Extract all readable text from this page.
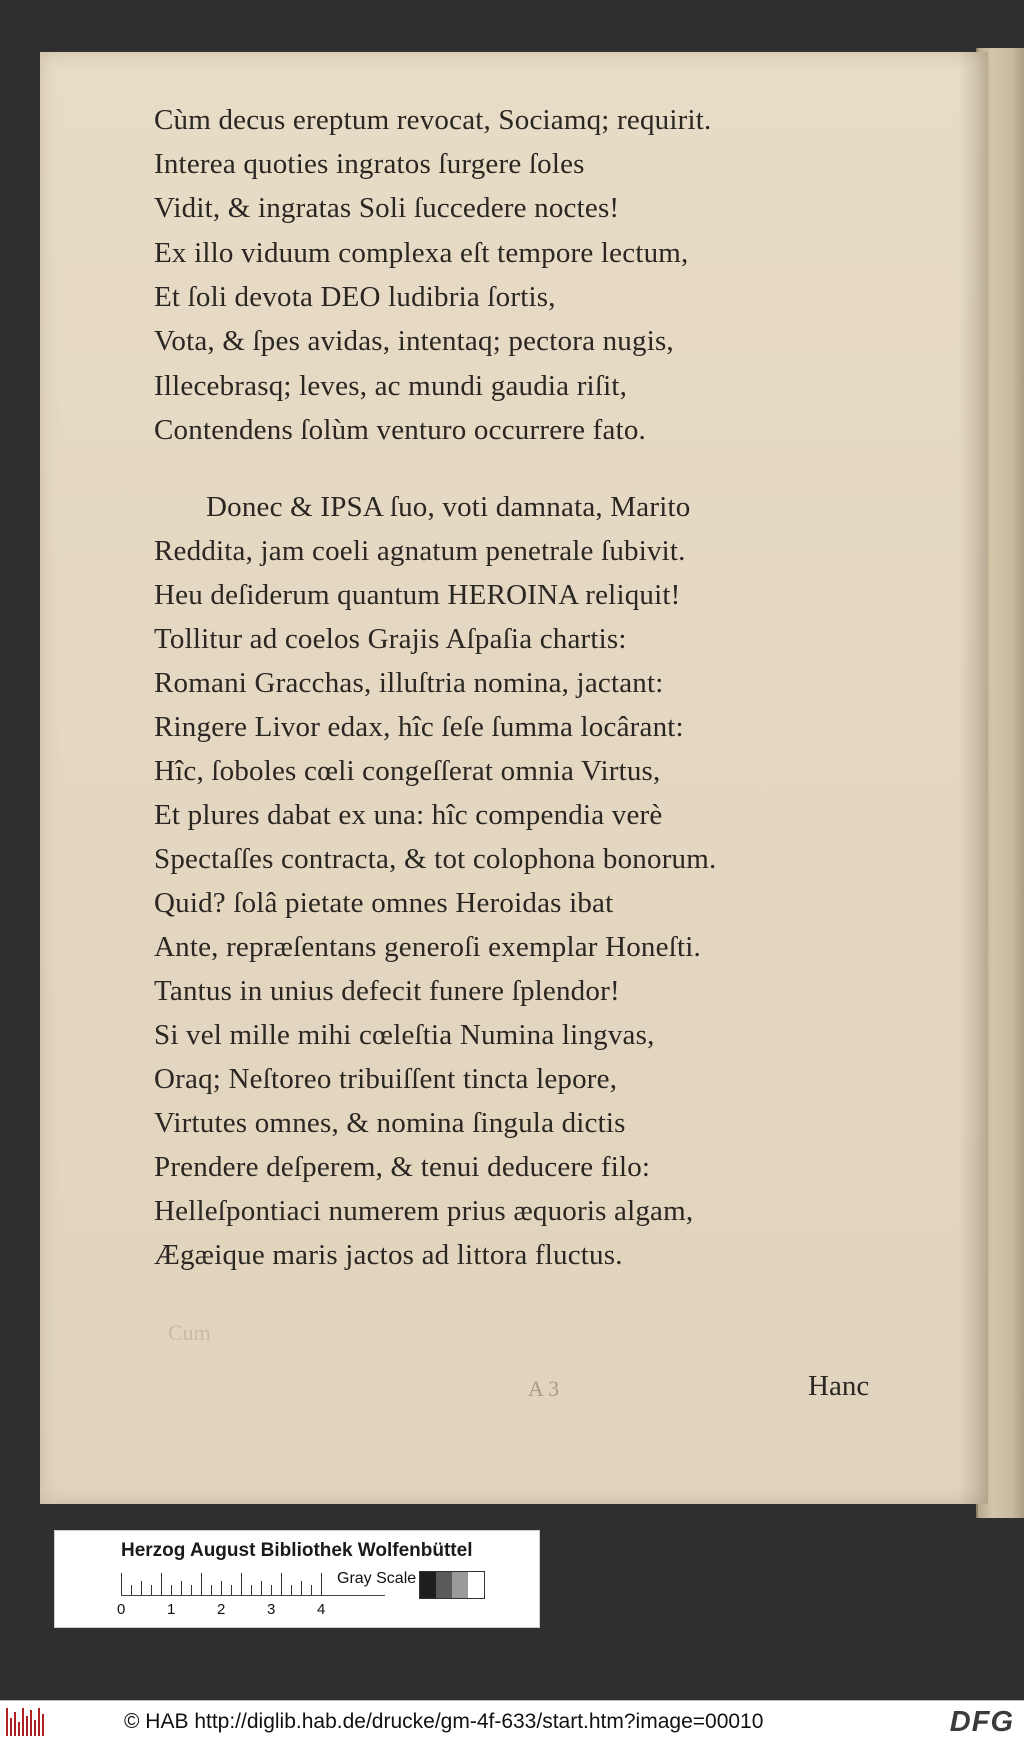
Cum
A 3	Hanc
Cùm decus ereptum revocat, Sociamq; requirit.
Interea quoties ingratos ſurgere ſoles
Vidit, & ingratas Soli ſuccedere noctes!
Ex illo viduum complexa eſt tempore lectum,
Et ſoli devota DEO ludibria ſortis,
Vota, & ſpes avidas, intentaq; pectora nugis,
Illecebrasq; leves, ac mundi gaudia riſit,
Contendens ſolùm venturo occurrere fato.
Donec & IPSA ſuo, voti damnata, Marito
Reddita, jam coeli agnatum penetrale ſubivit.
Heu deſiderum quantum HEROINA reliquit!
Tollitur ad coelos Grajis Aſpaſia chartis:
Romani Gracchas, illuſtria nomina, jactant:
Ringere Livor edax, hîc ſeſe ſumma locârant:
Hîc, ſoboles cœli congeſſerat omnia Virtus,
Et plures dabat ex una: hîc compendia verè
Spectaſſes contracta, & tot colophona bonorum.
Quid? ſolâ pietate omnes Heroidas ibat
Ante, repræſentans generoſi exemplar Honeſti.
Tantus in unius defecit funere ſplendor!
Si vel mille mihi cœleſtia Numina lingvas,
Oraq; Neſtoreo tribuiſſent tincta lepore,
Virtutes omnes, & nomina ſingula dictis
Prendere deſperem, & tenui deducere filo:
Helleſpontiaci numerem prius æquoris algam,
Ægæique maris jactos ad littora fluctus.
Herzog August Bibliothek Wolfenbüttel
0	1	2	3	4
Gray Scale
© HAB http://diglib.hab.de/drucke/gm-4f-633/start.htm?image=00010	DFG
